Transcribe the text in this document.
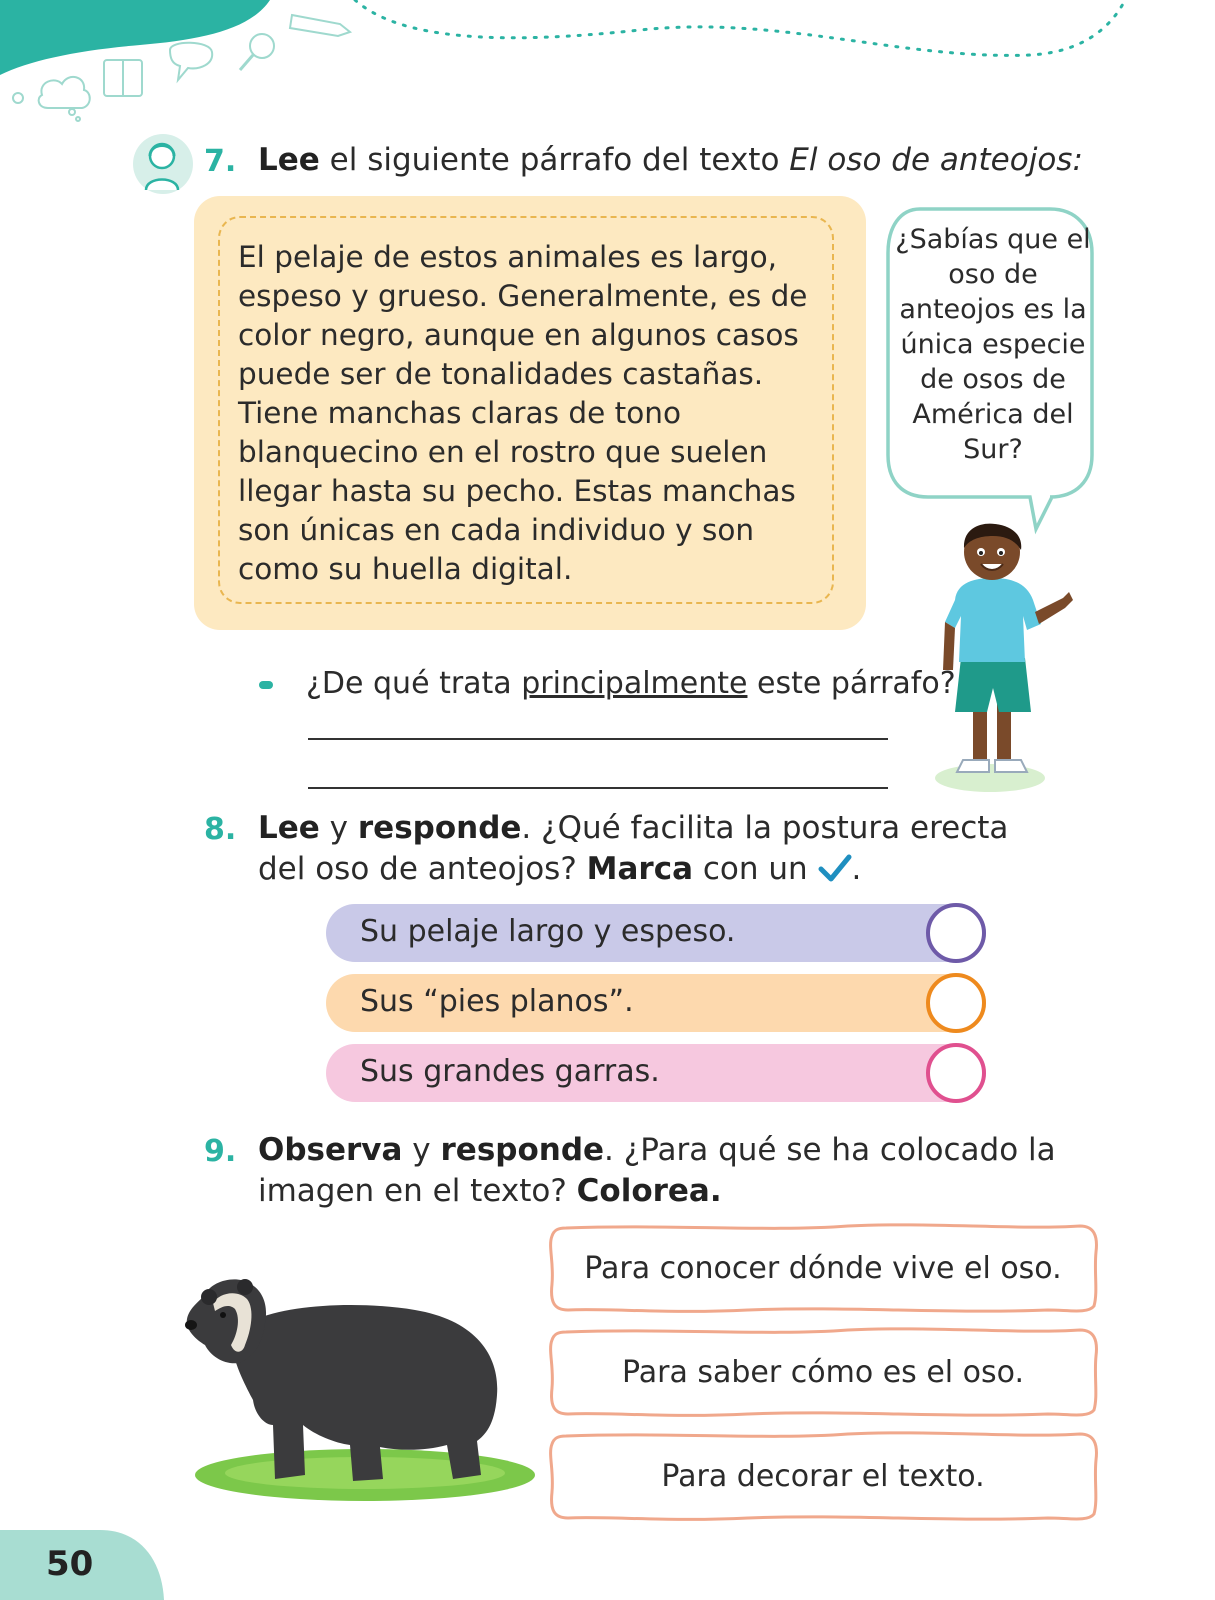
7. Lee el siguiente párrafo del texto El oso de anteojos:
El pelaje de estos animales es largo, espeso y grueso. Generalmente, es de color negro, aunque en algunos casos puede ser de tonalidades castañas. Tiene manchas claras de tono blanquecino en el rostro que suelen llegar hasta su pecho. Estas manchas son únicas en cada individuo y son como su huella digital.
¿Sabías que el oso de anteojos es la única especie de osos de América del Sur?
¿De qué trata principalmente este párrafo?
8. Lee y responde. ¿Qué facilita la postura erecta del oso de anteojos? Marca con un .
Su pelaje largo y espeso.
Sus “pies planos”.
Sus grandes garras.
9. Observa y responde. ¿Para qué se ha colocado la imagen en el texto? Colorea.
Para conocer dónde vive el oso.
Para saber cómo es el oso.
Para decorar el texto.
50
